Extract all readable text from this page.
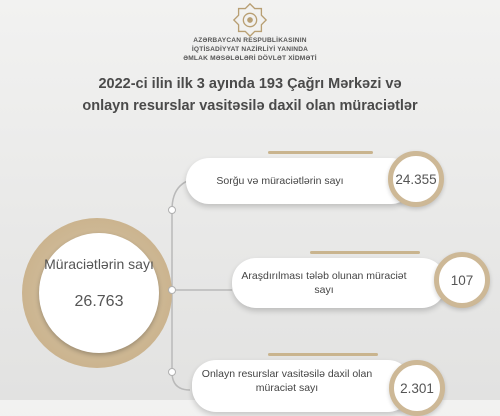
AZƏRBAYCAN RESPUBLİKASININ
İQTİSADİYYAT NAZİRLİYİ YANINDA
ƏMLAK MƏSƏLƏLƏRİ DÖVLƏT XİDMƏTİ
2022-ci ilin ilk 3 ayında 193 Çağrı Mərkəzi və
onlayn resurslar vasitəsilə daxil olan müraciətlər
Müraciətlərin sayı
26.763
Sorğu və müraciətlərin sayı	24.355
Araşdırılması tələb olunan müraciət sayı
107
Onlayn resurslar vasitəsilə daxil olan müraciət sayı	2.301
